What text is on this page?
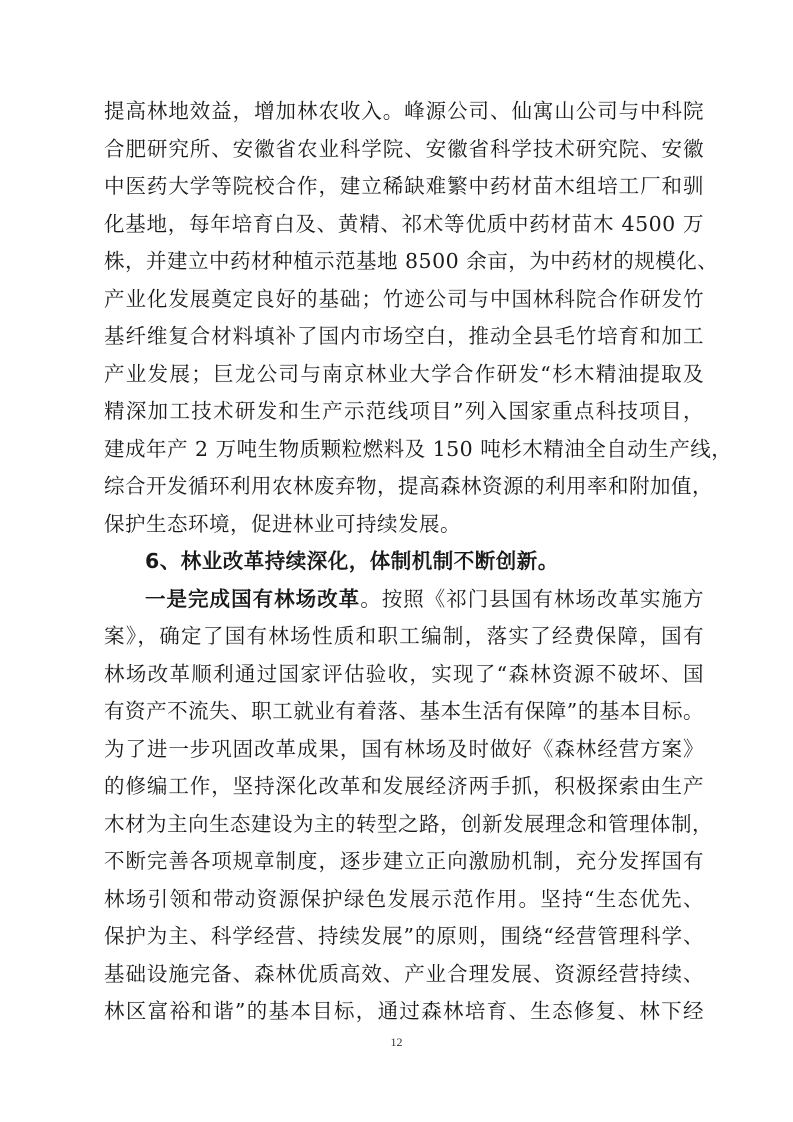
提高林地效益，增加林农收入。峰源公司、仙寓山公司与中科院
合肥研究所、安徽省农业科学院、安徽省科学技术研究院、安徽
中医药大学等院校合作，建立稀缺难繁中药材苗木组培工厂和驯
化基地，每年培育白及、黄精、祁术等优质中药材苗木 4500 万
株，并建立中药材种植示范基地 8500 余亩，为中药材的规模化、
产业化发展奠定良好的基础；竹迹公司与中国林科院合作研发竹
基纤维复合材料填补了国内市场空白，推动全县毛竹培育和加工
产业发展；巨龙公司与南京林业大学合作研发“杉木精油提取及
精深加工技术研发和生产示范线项目”列入国家重点科技项目，
建成年产 2 万吨生物质颗粒燃料及 150 吨杉木精油全自动生产线，
综合开发循环利用农林废弃物，提高森林资源的利用率和附加值，
保护生态环境，促进林业可持续发展。
6、林业改革持续深化，体制机制不断创新。
一是完成国有林场改革。按照《祁门县国有林场改革实施方
案》，确定了国有林场性质和职工编制，落实了经费保障，国有
林场改革顺利通过国家评估验收，实现了“森林资源不破坏、国
有资产不流失、职工就业有着落、基本生活有保障”的基本目标。
为了进一步巩固改革成果，国有林场及时做好《森林经营方案》
的修编工作，坚持深化改革和发展经济两手抓，积极探索由生产
木材为主向生态建设为主的转型之路，创新发展理念和管理体制，
不断完善各项规章制度，逐步建立正向激励机制，充分发挥国有
林场引领和带动资源保护绿色发展示范作用。坚持“生态优先、
保护为主、科学经营、持续发展”的原则，围绕“经营管理科学、
基础设施完备、森林优质高效、产业合理发展、资源经营持续、
林区富裕和谐”的基本目标，通过森林培育、生态修复、林下经
12
